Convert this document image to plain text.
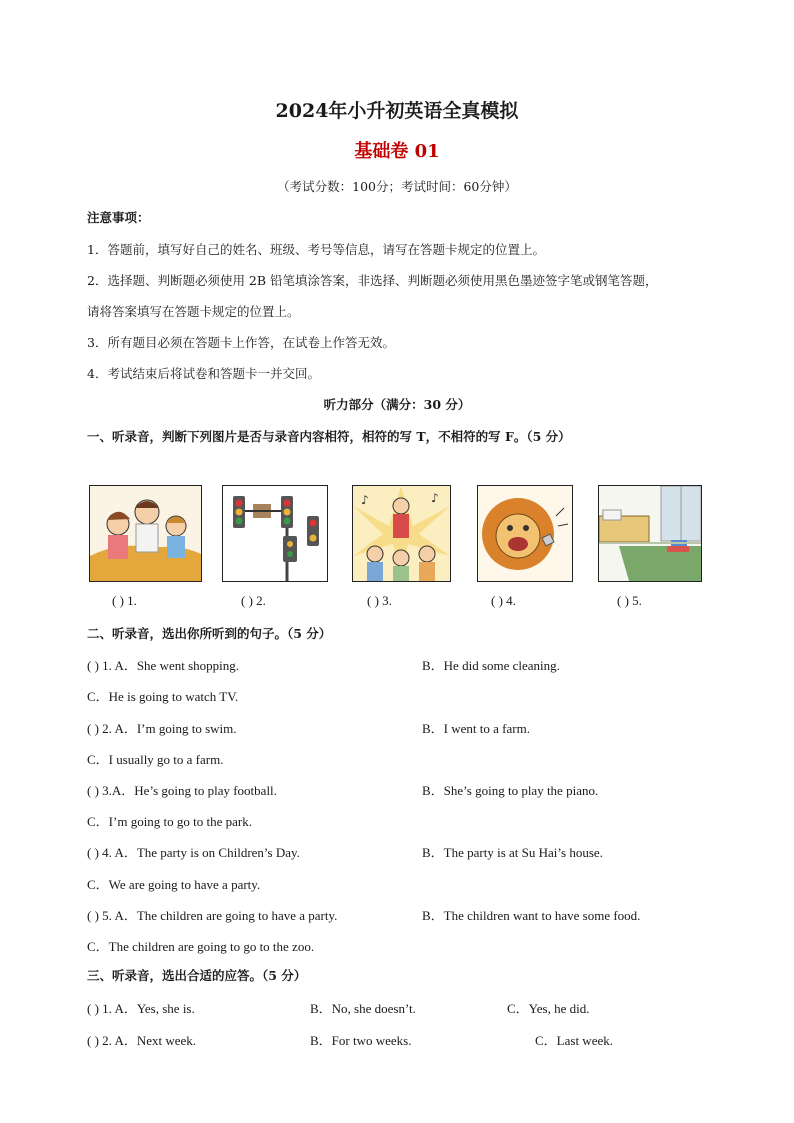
2024年小升初英语全真模拟
基础卷 01
（考试分数：100分；考试时间：60分钟）
注意事项：
1．答题前，填写好自己的姓名、班级、考号等信息，请写在答题卡规定的位置上。
2．选择题、判断题必须使用 2B 铅笔填涂答案，非选择、判断题必须使用黑色墨迹签字笔或钢笔答题，
请将答案填写在答题卡规定的位置上。
3．所有题目必须在答题卡上作答，在试卷上作答无效。
4．考试结束后将试卷和答题卡一并交回。
听力部分（满分：30 分）
一、听录音，判断下列图片是否与录音内容相符，相符的写 T，不相符的写 F。（5 分）
♪	♪
( ) 1.	( ) 2.	( ) 3.	( ) 4.	( ) 5.
二、听录音，选出你所听到的句子。（5 分）
( ) 1. A．She went shopping.	B．He did some cleaning.
C．He is going to watch TV.
( ) 2. A．I’m going to swim.	B．I went to a farm.
C．I usually go to a farm.
( ) 3.A．He’s going to play football.	B．She’s going to play the piano.
C．I’m going to go to the park.
( ) 4. A．The party is on Children’s Day.	B．The party is at Su Hai’s house.
C．We are going to have a party.
( ) 5. A．The children are going to have a party.	B．The children want to have some food.
C．The children are going to go to the zoo.
三、听录音，选出合适的应答。（5 分）
( ) 1. A．Yes, she is.	B．No, she doesn’t.	C．Yes, he did.
( ) 2. A．Next week.	B．For two weeks.	C．Last week.
